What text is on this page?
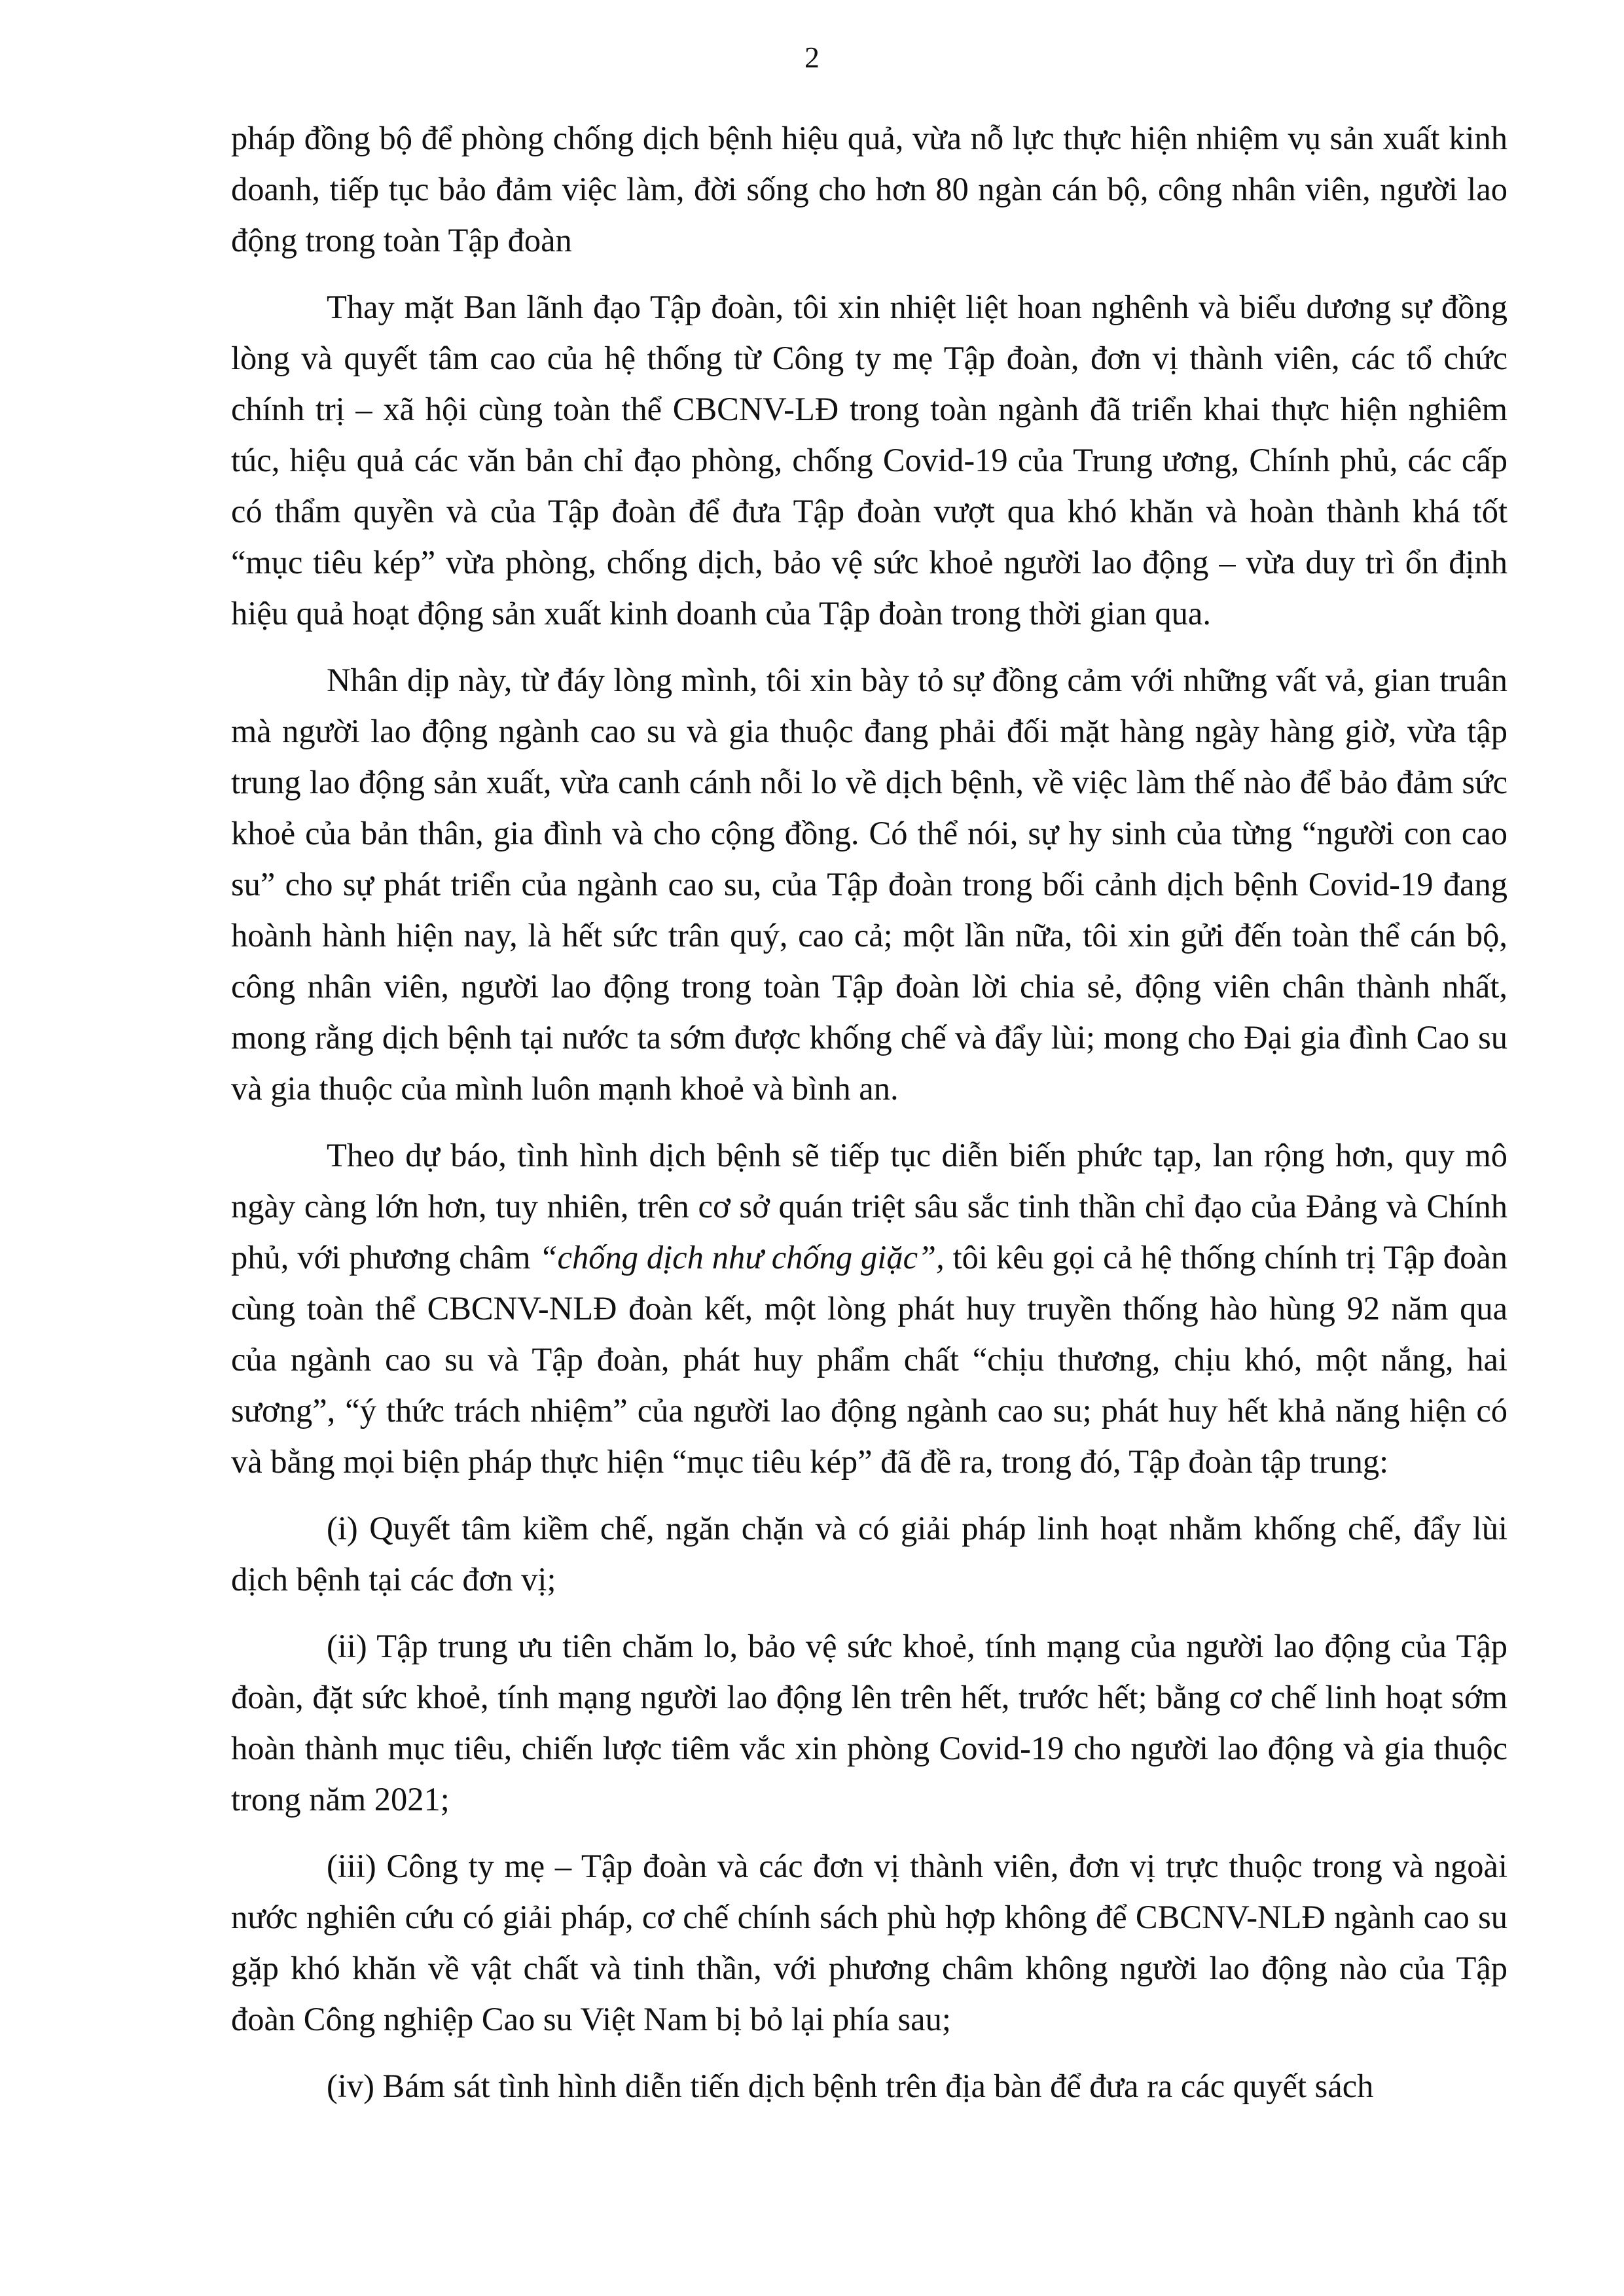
2

pháp đồng bộ để phòng chống dịch bệnh hiệu quả, vừa nỗ lực thực hiện nhiệm vụ sản xuất kinh doanh, tiếp tục bảo đảm việc làm, đời sống cho hơn 80 ngàn cán bộ, công nhân viên, người lao động trong toàn Tập đoàn

Thay mặt Ban lãnh đạo Tập đoàn, tôi xin nhiệt liệt hoan nghênh và biểu dương sự đồng lòng và quyết tâm cao của hệ thống từ Công ty mẹ Tập đoàn, đơn vị thành viên, các tổ chức chính trị – xã hội cùng toàn thể CBCNV-LĐ trong toàn ngành đã triển khai thực hiện nghiêm túc, hiệu quả các văn bản chỉ đạo phòng, chống Covid-19 của Trung ương, Chính phủ, các cấp có thẩm quyền và của Tập đoàn để đưa Tập đoàn vượt qua khó khăn và hoàn thành khá tốt “mục tiêu kép” vừa phòng, chống dịch, bảo vệ sức khoẻ người lao động – vừa duy trì ổn định hiệu quả hoạt động sản xuất kinh doanh của Tập đoàn trong thời gian qua.

Nhân dịp này, từ đáy lòng mình, tôi xin bày tỏ sự đồng cảm với những vất vả, gian truân mà người lao động ngành cao su và gia thuộc đang phải đối mặt hàng ngày hàng giờ, vừa tập trung lao động sản xuất, vừa canh cánh nỗi lo về dịch bệnh, về việc làm thế nào để bảo đảm sức khoẻ của bản thân, gia đình và cho cộng đồng. Có thể nói, sự hy sinh của từng “người con cao su” cho sự phát triển của ngành cao su, của Tập đoàn trong bối cảnh dịch bệnh Covid-19 đang hoành hành hiện nay, là hết sức trân quý, cao cả; một lần nữa, tôi xin gửi đến toàn thể cán bộ, công nhân viên, người lao động trong toàn Tập đoàn lời chia sẻ, động viên chân thành nhất, mong rằng dịch bệnh tại nước ta sớm được khống chế và đẩy lùi; mong cho Đại gia đình Cao su và gia thuộc của mình luôn mạnh khoẻ và bình an.

Theo dự báo, tình hình dịch bệnh sẽ tiếp tục diễn biến phức tạp, lan rộng hơn, quy mô ngày càng lớn hơn, tuy nhiên, trên cơ sở quán triệt sâu sắc tinh thần chỉ đạo của Đảng và Chính phủ, với phương châm “chống dịch như chống giặc”, tôi kêu gọi cả hệ thống chính trị Tập đoàn cùng toàn thể CBCNV-NLĐ đoàn kết, một lòng phát huy truyền thống hào hùng 92 năm qua của ngành cao su và Tập đoàn, phát huy phẩm chất “chịu thương, chịu khó, một nắng, hai sương”, “ý thức trách nhiệm” của người lao động ngành cao su; phát huy hết khả năng hiện có và bằng mọi biện pháp thực hiện “mục tiêu kép” đã đề ra, trong đó, Tập đoàn tập trung:

(i) Quyết tâm kiềm chế, ngăn chặn và có giải pháp linh hoạt nhằm khống chế, đẩy lùi dịch bệnh tại các đơn vị;

(ii) Tập trung ưu tiên chăm lo, bảo vệ sức khoẻ, tính mạng của người lao động của Tập đoàn, đặt sức khoẻ, tính mạng người lao động lên trên hết, trước hết; bằng cơ chế linh hoạt sớm hoàn thành mục tiêu, chiến lược tiêm vắc xin phòng Covid-19 cho người lao động và gia thuộc trong năm 2021;

(iii) Công ty mẹ – Tập đoàn và các đơn vị thành viên, đơn vị trực thuộc trong và ngoài nước nghiên cứu có giải pháp, cơ chế chính sách phù hợp không để CBCNV-NLĐ ngành cao su gặp khó khăn về vật chất và tinh thần, với phương châm không người lao động nào của Tập đoàn Công nghiệp Cao su Việt Nam bị bỏ lại phía sau;

(iv) Bám sát tình hình diễn tiến dịch bệnh trên địa bàn để đưa ra các quyết sách
